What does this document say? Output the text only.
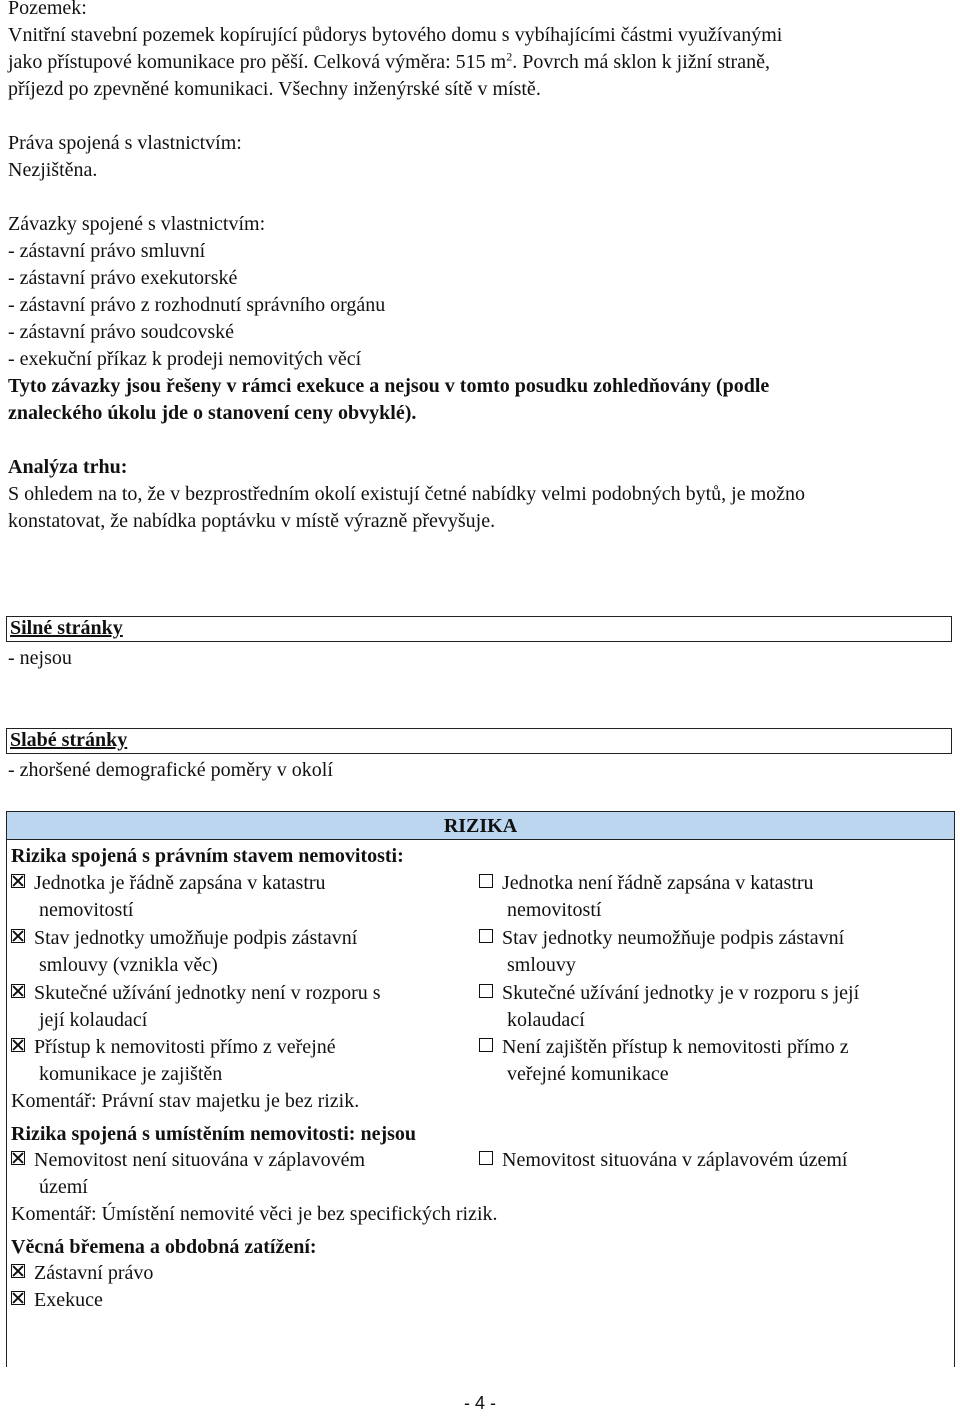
Pozemek:
Vnitřní stavební pozemek kopírující půdorys bytového domu s vybíhajícími částmi využívanými
jako přístupové komunikace pro pěší. Celková výměra: 515 $m^2$. Povrch má sklon k jižní straně,
příjezd po zpevněné komunikaci. Všechny inženýrské sítě v místě.
Práva spojená s vlastnictvím:
Nezjištěna.
Závazky spojené s vlastnictvím:
- zástavní právo smluvní
- zástavní právo exekutorské
- zástavní právo z rozhodnutí správního orgánu
- zástavní právo soudcovské
- exekuční příkaz k prodeji nemovitých věcí
Tyto závazky jsou řešeny v rámci exekuce a nejsou v tomto posudku zohledňovány (podle
znaleckého úkolu jde o stanovení ceny obvyklé).
Analýza trhu:
S ohledem na to, že v bezprostředním okolí existují četné nabídky velmi podobných bytů, je možno
konstatovat, že nabídka poptávku v místě výrazně převyšuje.
Silné stránky
- nejsou
Slabé stránky
- zhoršené demografické poměry v okolí
RIZIKA
Rizika spojená s právním stavem nemovitosti:
Jednotka je řádně zapsána v katastru
nemovitostí
Jednotka není řádně zapsána v katastru
nemovitostí
Stav jednotky umožňuje podpis zástavní
smlouvy (vznikla věc)
Stav jednotky neumožňuje podpis zástavní
smlouvy
Skutečné užívání jednotky není v rozporu s
její kolaudací
Skutečné užívání jednotky je v rozporu s její
kolaudací
Přístup k nemovitosti přímo z veřejné
komunikace je zajištěn
Není zajištěn přístup k nemovitosti přímo z
veřejné komunikace
Komentář: Právní stav majetku je bez rizik.
Rizika spojená s umístěním nemovitosti: nejsou
Nemovitost není situována v záplavovém
území
Nemovitost situována v záplavovém území
Komentář: Úmístění nemovité věci je bez specifických rizik.
Věcná břemena a obdobná zatížení:
Zástavní právo
Exekuce
- 4 -
